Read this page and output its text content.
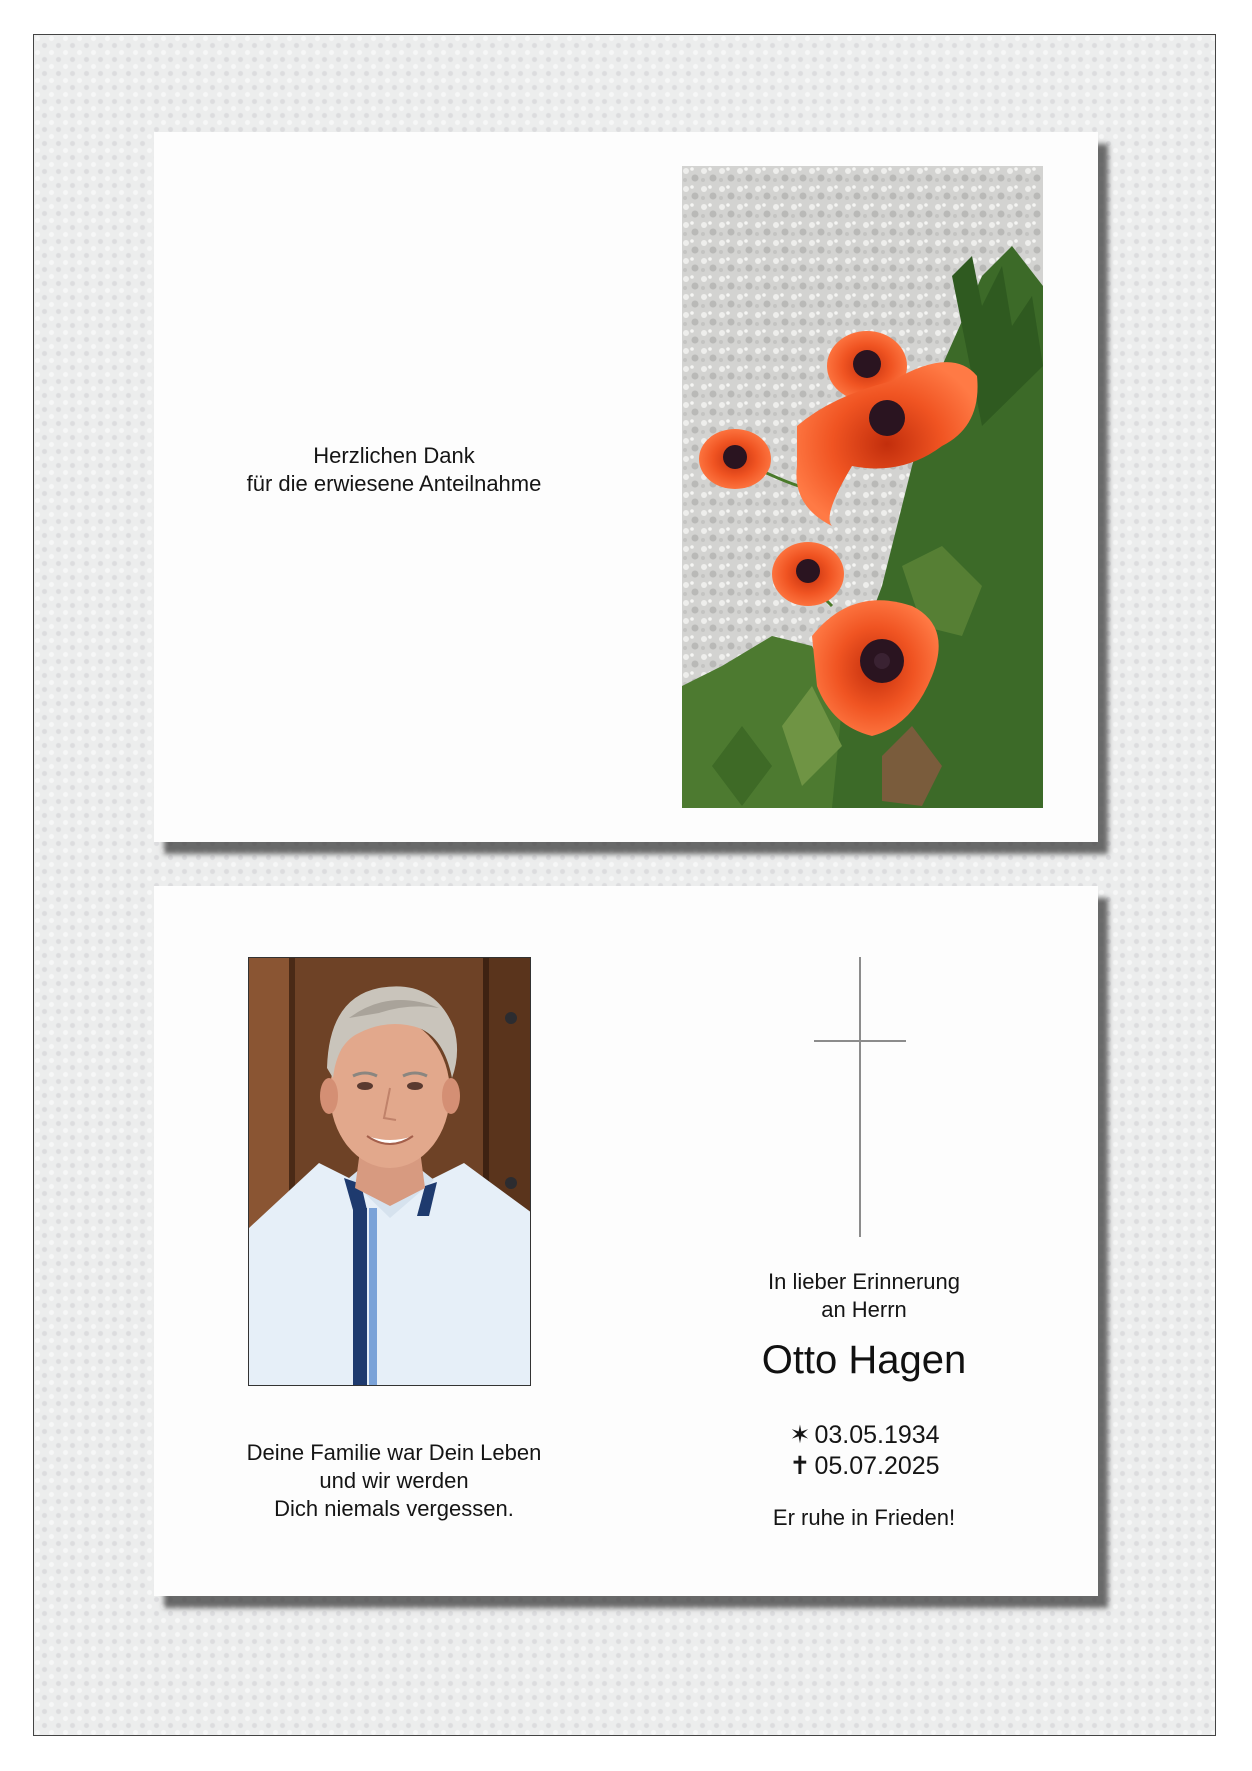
Herzlichen Dank
für die erwiesene Anteilnahme
Deine Familie war Dein Leben
und wir werden
Dich niemals vergessen.
In lieber Erinnerung
an Herrn
Otto Hagen
✶ 03.05.1934
✝ 05.07.2025
Er ruhe in Frieden!
